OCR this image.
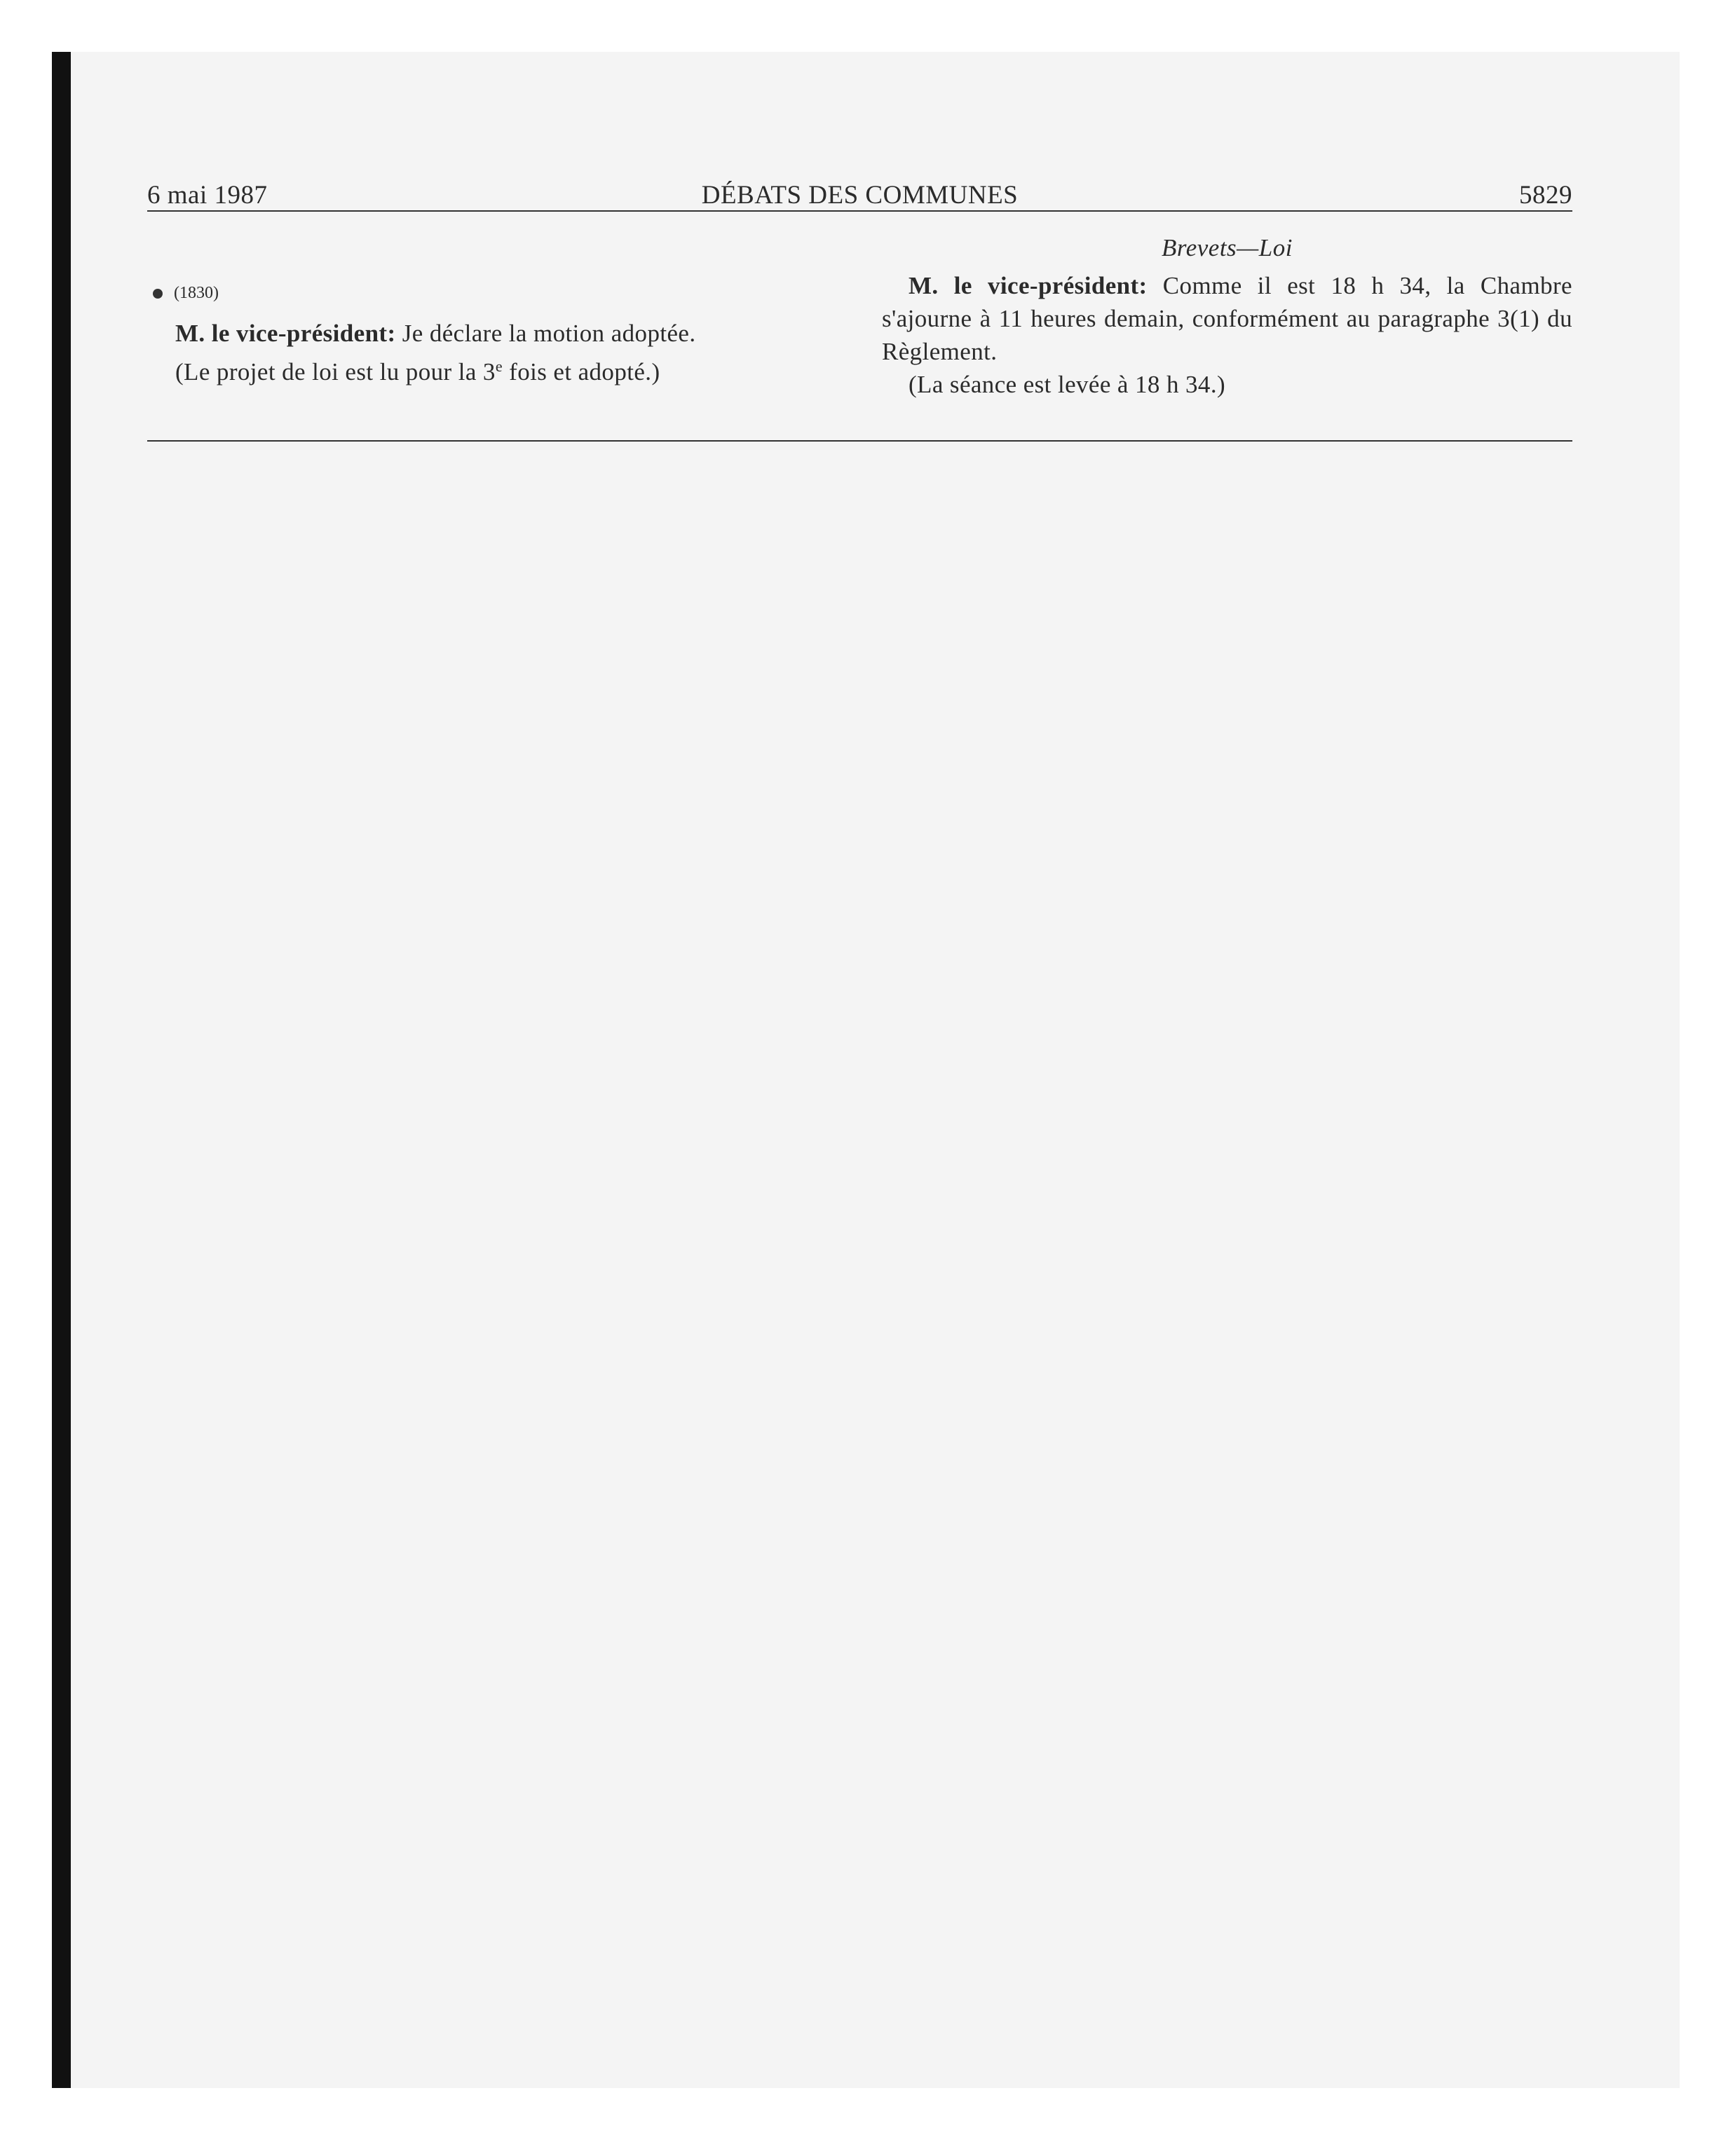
6 mai 1987	DÉBATS DES COMMUNES	5829
(1830)
M. le vice-président: Je déclare la motion adoptée.
(Le projet de loi est lu pour la 3e fois et adopté.)
Brevets—Loi
M. le vice-président: Comme il est 18 h 34, la Chambre s'ajourne à 11 heures demain, conformément au paragraphe 3(1) du Règlement.
(La séance est levée à 18 h 34.)
